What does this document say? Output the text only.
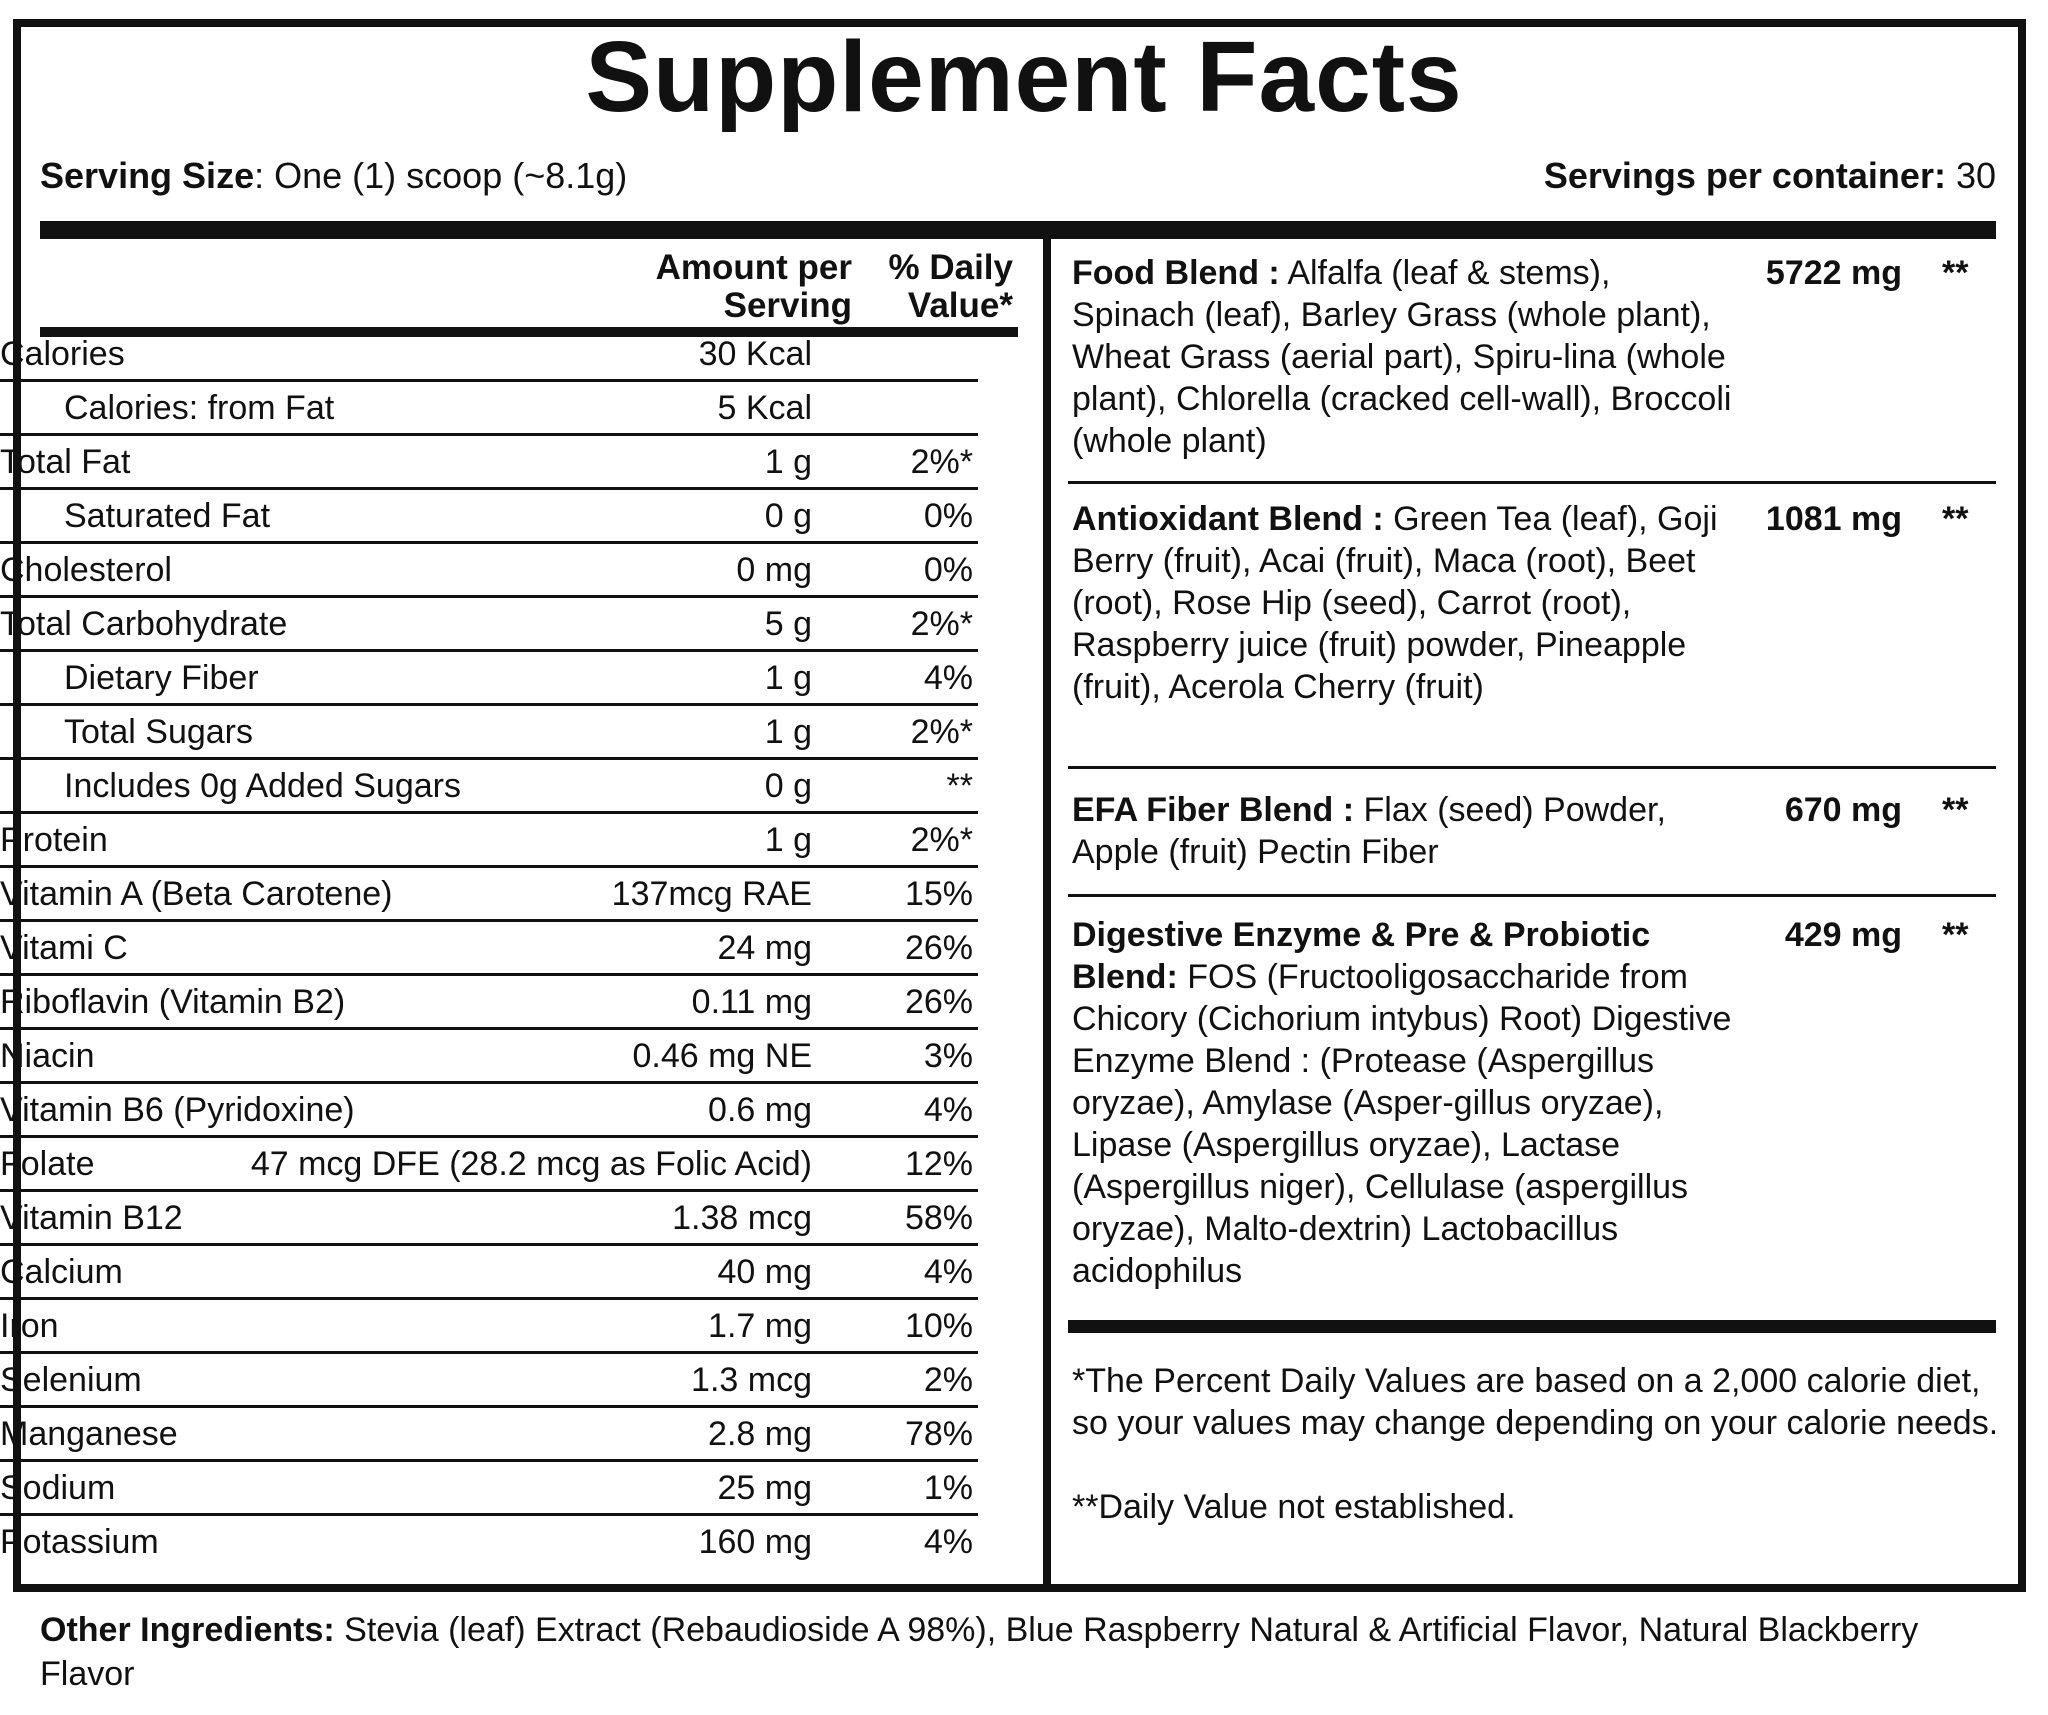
Supplement Facts
Serving Size: One (1) scoop (~8.1g)	Servings per container: 30
Amount per
Serving
% Daily
Value*
Calories	30 Kcal
Calories: from Fat	5 Kcal
Total Fat	1 g	2%*
Saturated Fat	0 g	0%
Cholesterol	0 mg	0%
Total Carbohydrate	5 g	2%*
Dietary Fiber	1 g	4%
Total Sugars	1 g	2%*
Includes 0g Added Sugars	0 g	**
Protein	1 g	2%*
Vitamin A (Beta Carotene)	137mcg RAE	15%
Vitami C	24 mg	26%
Riboflavin (Vitamin B2)	0.11 mg	26%
Niacin	0.46 mg NE	3%
Vitamin B6 (Pyridoxine)	0.6 mg	4%
Folate	47 mcg DFE (28.2 mcg as Folic Acid)	12%
Vitamin B12	1.38 mcg	58%
Calcium	40 mg	4%
Iron	1.7 mg	10%
Selenium	1.3 mcg	2%
Manganese	2.8 mg	78%
Sodium	25 mg	1%
Potassium	160 mg	4%
Food Blend : Alfalfa (leaf & stems), Spinach (leaf), Barley Grass (whole plant), Wheat Grass (aerial part), Spiru-lina (whole plant), Chlorella (cracked cell-wall), Broccoli (whole plant)
5722 mg **
Antioxidant Blend : Green Tea (leaf), Goji Berry (fruit), Acai (fruit), Maca (root), Beet (root), Rose Hip (seed), Carrot (root), Raspberry juice (fruit) powder, Pineapple (fruit), Acerola Cherry (fruit)
1081 mg **
EFA Fiber Blend : Flax (seed) Powder, Apple (fruit) Pectin Fiber
670 mg **
Digestive Enzyme & Pre & Probiotic Blend: FOS (Fructooligosaccharide from Chicory (Cichorium intybus) Root) Digestive Enzyme Blend : (Protease (Aspergillus oryzae), Amylase (Asper-gillus oryzae), Lipase (Aspergillus oryzae), Lactase (Aspergillus niger), Cellulase (aspergillus oryzae), Malto-dextrin) Lactobacillus acidophilus
429 mg **
*The Percent Daily Values are based on a 2,000 calorie diet, so your values may change depending on your calorie needs.
**Daily Value not established.
Other Ingredients: Stevia (leaf) Extract (Rebaudioside A 98%), Blue Raspberry Natural & Artificial Flavor, Natural Blackberry Flavor
